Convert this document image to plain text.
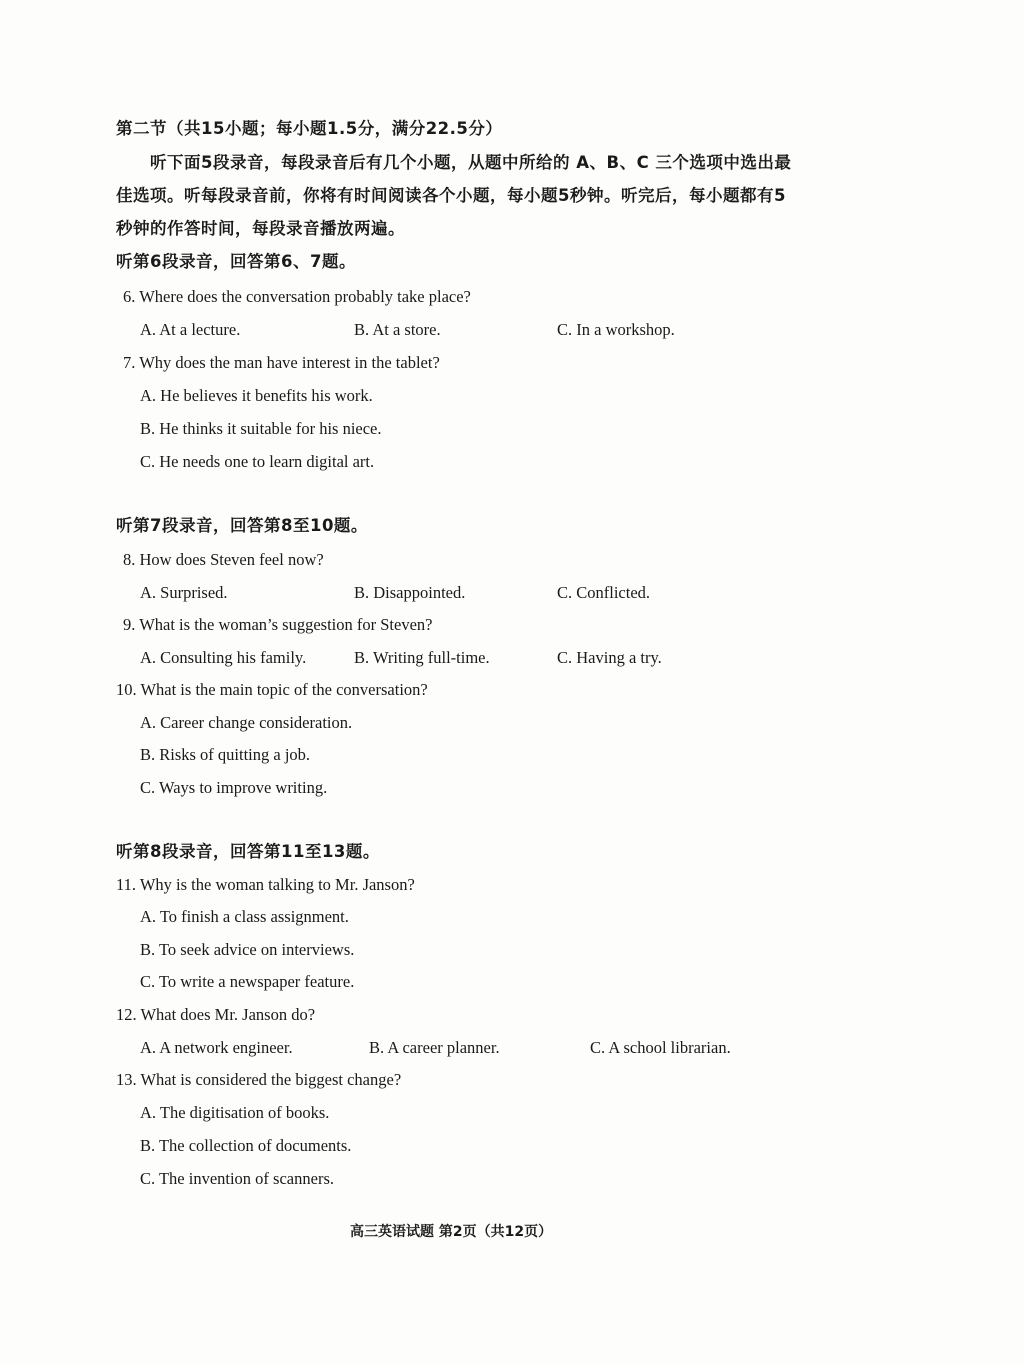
第二节（共15小题；每小题1.5分，满分22.5分）
听下面5段录音，每段录音后有几个小题，从题中所给的 A、B、C 三个选项中选出最
佳选项。听每段录音前，你将有时间阅读各个小题，每小题5秒钟。听完后，每小题都有5
秒钟的作答时间，每段录音播放两遍。
听第6段录音，回答第6、7题。
6. Where does the conversation probably take place?
A. At a lecture.	B. At a store.	C. In a workshop.
7. Why does the man have interest in the tablet?
A. He believes it benefits his work.
B. He thinks it suitable for his niece.
C. He needs one to learn digital art.
听第7段录音，回答第8至10题。
8. How does Steven feel now?
A. Surprised.	B. Disappointed.	C. Conflicted.
9. What is the woman’s suggestion for Steven?
A. Consulting his family.	B. Writing full-time.	C. Having a try.
10. What is the main topic of the conversation?
A. Career change consideration.
B. Risks of quitting a job.
C. Ways to improve writing.
听第8段录音，回答第11至13题。
11. Why is the woman talking to Mr. Janson?
A. To finish a class assignment.
B. To seek advice on interviews.
C. To write a newspaper feature.
12. What does Mr. Janson do?
A. A network engineer.	B. A career planner.	C. A school librarian.
13. What is considered the biggest change?
A. The digitisation of books.
B. The collection of documents.
C. The invention of scanners.
高三英语试题 第2页（共12页）
